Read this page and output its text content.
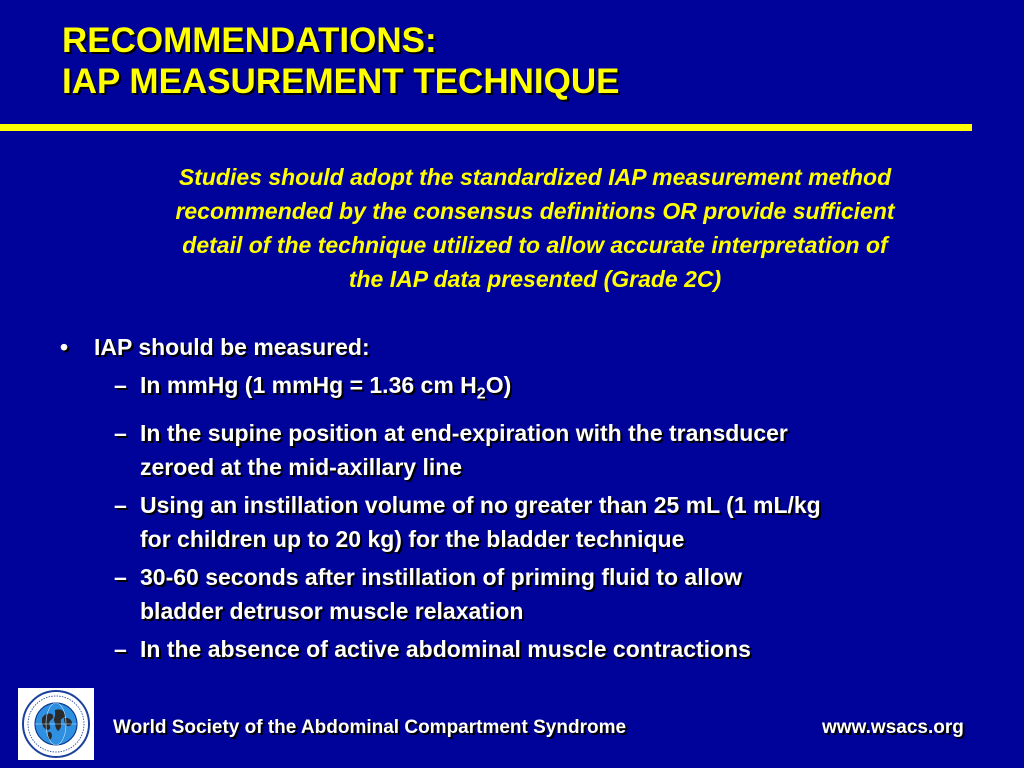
RECOMMENDATIONS:
IAP MEASUREMENT TECHNIQUE
Studies should adopt the standardized IAP measurement method
recommended by the consensus definitions OR provide sufficient
detail of the technique utilized to allow accurate interpretation of
the IAP data presented (Grade 2C)
• IAP should be measured:
– In mmHg (1 mmHg = 1.36 cm $H_2O$)
– In the supine position at end-expiration with the transducer
zeroed at the mid-axillary line
– Using an instillation volume of no greater than 25 mL (1 mL/kg
for children up to 20 kg) for the bladder technique
– 30-60 seconds after instillation of priming fluid to allow
bladder detrusor muscle relaxation
– In the absence of active abdominal muscle contractions
World Society of the Abdominal Compartment Syndrome	www.wsacs.org
